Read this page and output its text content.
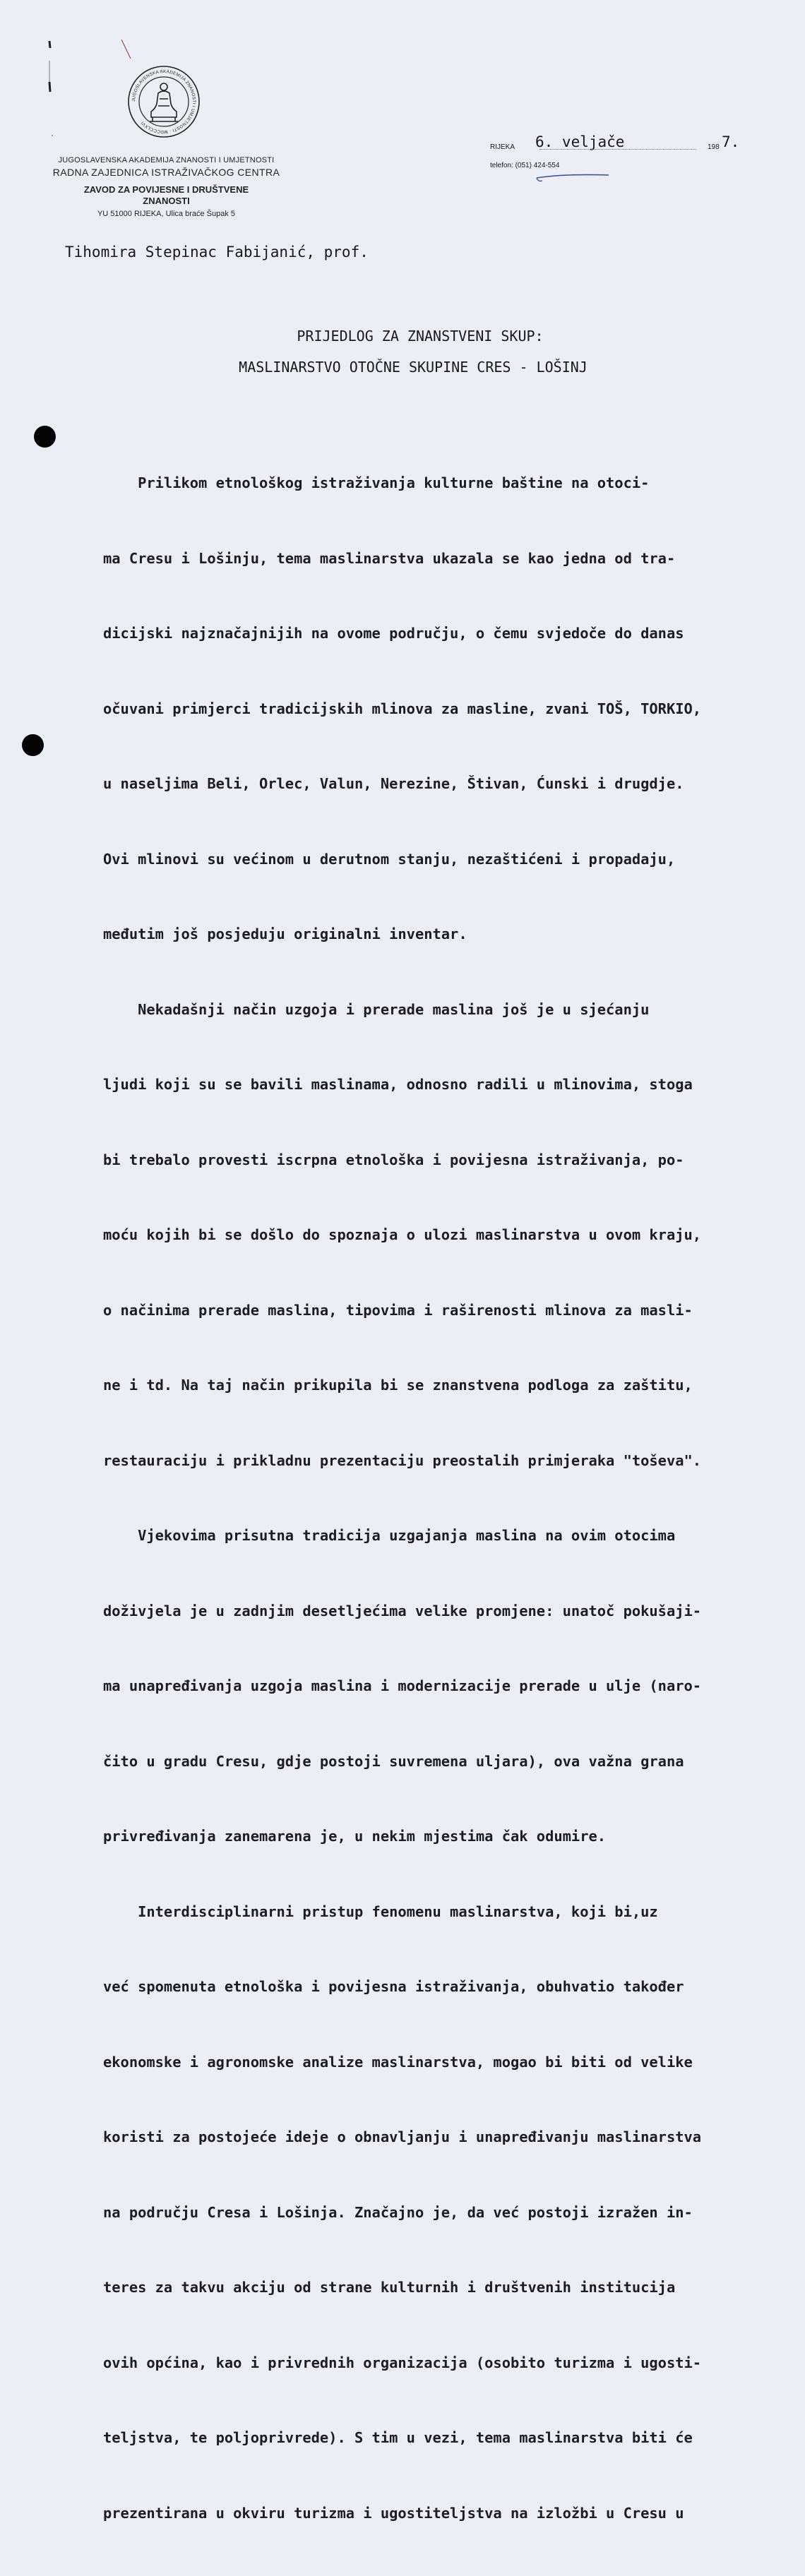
JUGOSLAVENSKA AKADEMIJA ZNANOSTI I UMJETNOSTI · MDCCCLXVI
JUGOSLAVENSKA AKADEMIJA ZNANOSTI I UMJETNOSTI
RADNA ZAJEDNICA ISTRAŽIVAČKOG CENTRA
ZAVOD ZA POVIJESNE I DRUŠTVENE
ZNANOSTI
YU 51000 RIJEKA, Ulica braće Šupak 5
RIJEKA 6. veljače	198 7.
telefon: (051) 424-554
Tihomira Stepinac Fabijanić, prof.
PRIJEDLOG ZA ZNANSTVENI SKUP:
MASLINARSTVO OTOČNE SKUPINE CRES - LOŠINJ

Prilikom etnološkog istraživanja kulturne baštine na otoci-

ma Cresu i Lošinju, tema maslinarstva ukazala se kao jedna od tra-

dicijski najznačajnijih na ovome području, o čemu svjedoče do danas

očuvani primjerci tradicijskih mlinova za masline, zvani TOŠ, TORKIO,

u naseljima Beli, Orlec, Valun, Nerezine, Štivan, Ćunski i drugdje.

Ovi mlinovi su većinom u derutnom stanju, nezaštićeni i propadaju,

međutim još posjeduju originalni inventar.

Nekadašnji način uzgoja i prerade maslina još je u sjećanju

ljudi koji su se bavili maslinama, odnosno radili u mlinovima, stoga

bi trebalo provesti iscrpna etnološka i povijesna istraživanja, po-

moću kojih bi se došlo do spoznaja o ulozi maslinarstva u ovom kraju,

o načinima prerade maslina, tipovima i raširenosti mlinova za masli-

ne i td. Na taj način prikupila bi se znanstvena podloga za zaštitu,

restauraciju i prikladnu prezentaciju preostalih primjeraka "toševa".

Vjekovima prisutna tradicija uzgajanja maslina na ovim otocima

doživjela je u zadnjim desetljećima velike promjene: unatoč pokušaji-

ma unapređivanja uzgoja maslina i modernizacije prerade u ulje (naro-

čito u gradu Cresu, gdje postoji suvremena uljara), ova važna grana

privređivanja zanemarena je, u nekim mjestima čak odumire.

Interdisciplinarni pristup fenomenu maslinarstva, koji bi,uz

već spomenuta etnološka i povijesna istraživanja, obuhvatio također

ekonomske i agronomske analize maslinarstva, mogao bi biti od velike

koristi za postojeće ideje o obnavljanju i unapređivanju maslinarstva

na području Cresa i Lošinja. Značajno je, da već postoji izražen in-

teres za takvu akciju od strane kulturnih i društvenih institucija

ovih općina, kao i privrednih organizacija (osobito turizma i ugosti-

teljstva, te poljoprivrede). S tim u vezi, tema maslinarstva biti će

prezentirana u okviru turizma i ugostiteljstva na izložbi u Cresu u
